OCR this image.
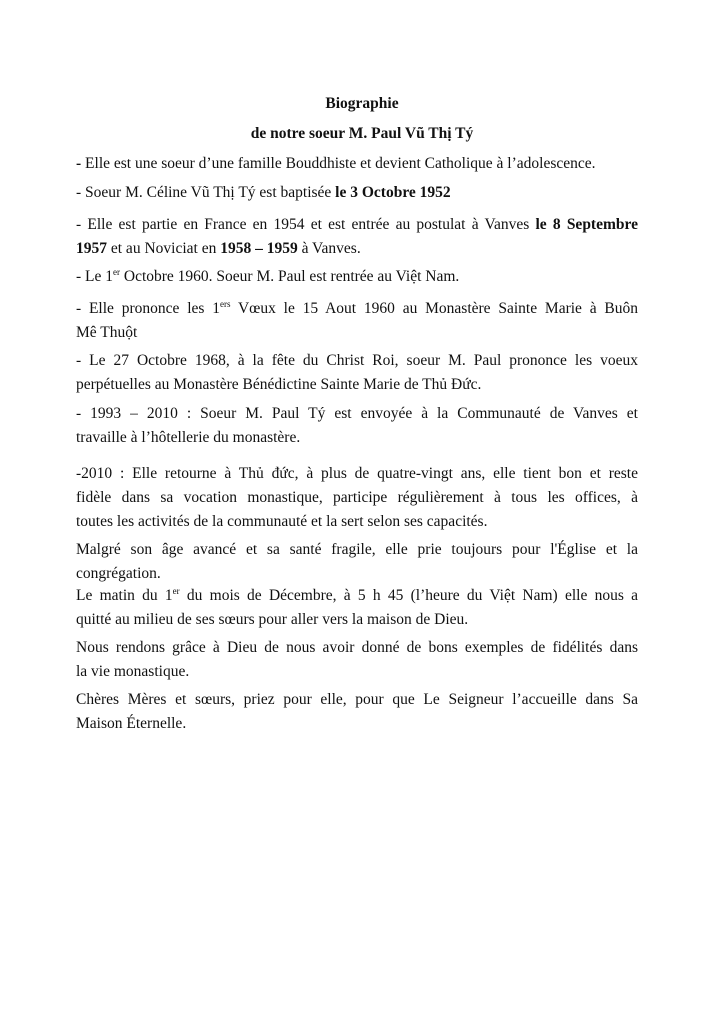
Biographie
de notre soeur M. Paul Vũ Thị Tý
- Elle est une soeur d’une famille Bouddhiste et devient Catholique à l’adolescence.
- Soeur M. Céline Vũ Thị Tý est baptisée le 3 Octobre 1952
- Elle est partie en France en 1954 et est entrée au postulat à Vanves le 8 Septembre
1957 et au Noviciat en 1958 – 1959 à Vanves.
- Le 1er Octobre 1960. Soeur M. Paul est rentrée au Việt Nam.
- Elle prononce les 1ers Vœux le 15 Aout 1960 au Monastère Sainte Marie à Buôn
Mê Thuột
- Le 27 Octobre 1968, à la fête du Christ Roi, soeur M. Paul prononce les voeux
perpétuelles au Monastère Bénédictine Sainte Marie de Thủ Đức.
- 1993 – 2010 : Soeur M. Paul Tý est envoyée à la Communauté de Vanves et
travaille à l’hôtellerie du monastère.
-2010 : Elle retourne à Thủ đức, à plus de quatre-vingt ans, elle tient bon et reste
fidèle dans sa vocation monastique, participe régulièrement à tous les offices, à
toutes les activités de la communauté et la sert selon ses capacités.
Malgré son âge avancé et sa santé fragile, elle prie toujours pour l'Église et la
congrégation.
Le matin du 1er du mois de Décembre, à 5 h 45 (l’heure du Việt Nam) elle nous a
quitté au milieu de ses sœurs pour aller vers la maison de Dieu.
Nous rendons grâce à Dieu de nous avoir donné de bons exemples de fidélités dans
la vie monastique.
Chères Mères et sœurs, priez pour elle, pour que Le Seigneur l’accueille dans Sa
Maison Éternelle.
